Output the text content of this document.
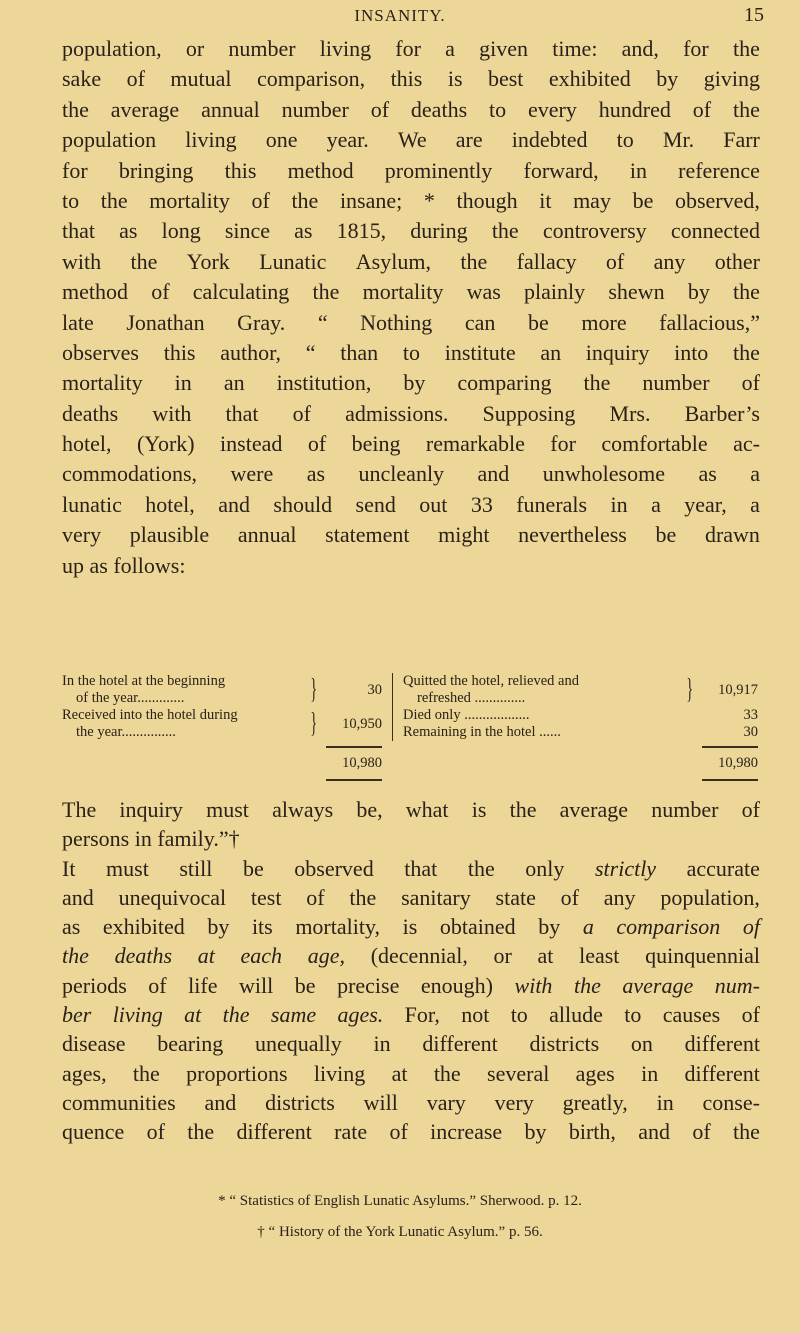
INSANITY.	15
population, or number living for a given time: and, for the
sake of mutual comparison, this is best exhibited by giving
the average annual number of deaths to every hundred of the
population living one year. We are indebted to Mr. Farr
for bringing this method prominently forward, in reference
to the mortality of the insane; * though it may be observed,
that as long since as 1815, during the controversy connected
with the York Lunatic Asylum, the fallacy of any other
method of calculating the mortality was plainly shewn by the
late Jonathan Gray. “ Nothing can be more fallacious,”
observes this author, “ than to institute an inquiry into the
mortality in an institution, by comparing the number of
deaths with that of admissions. Supposing Mrs. Barber’s
hotel, (York) instead of being remarkable for comfortable ac-
commodations, were as uncleanly and unwholesome as a
lunatic hotel, and should send out 33 funerals in a year, a
very plausible annual statement might nevertheless be drawn
up as follows:
In the hotel at the beginning
of the year.............	}	30
Received into the hotel during
the year...............	}	10,950
10,980
Quitted the hotel, relieved and
refreshed ..............	}	10,917
Died only ..................	33
Remaining in the hotel ......	30
10,980
The inquiry must always be, what is the average number of
persons in family.”†
It must still be observed that the only strictly accurate
and unequivocal test of the sanitary state of any population,
as exhibited by its mortality, is obtained by a comparison of
the deaths at each age, (decennial, or at least quinquennial
periods of life will be precise enough) with the average num-
ber living at the same ages. For, not to allude to causes of
disease bearing unequally in different districts on different
ages, the proportions living at the several ages in different
communities and districts will vary very greatly, in conse-
quence of the different rate of increase by birth, and of the
* “ Statistics of English Lunatic Asylums.” Sherwood. p. 12.
† “ History of the York Lunatic Asylum.” p. 56.
